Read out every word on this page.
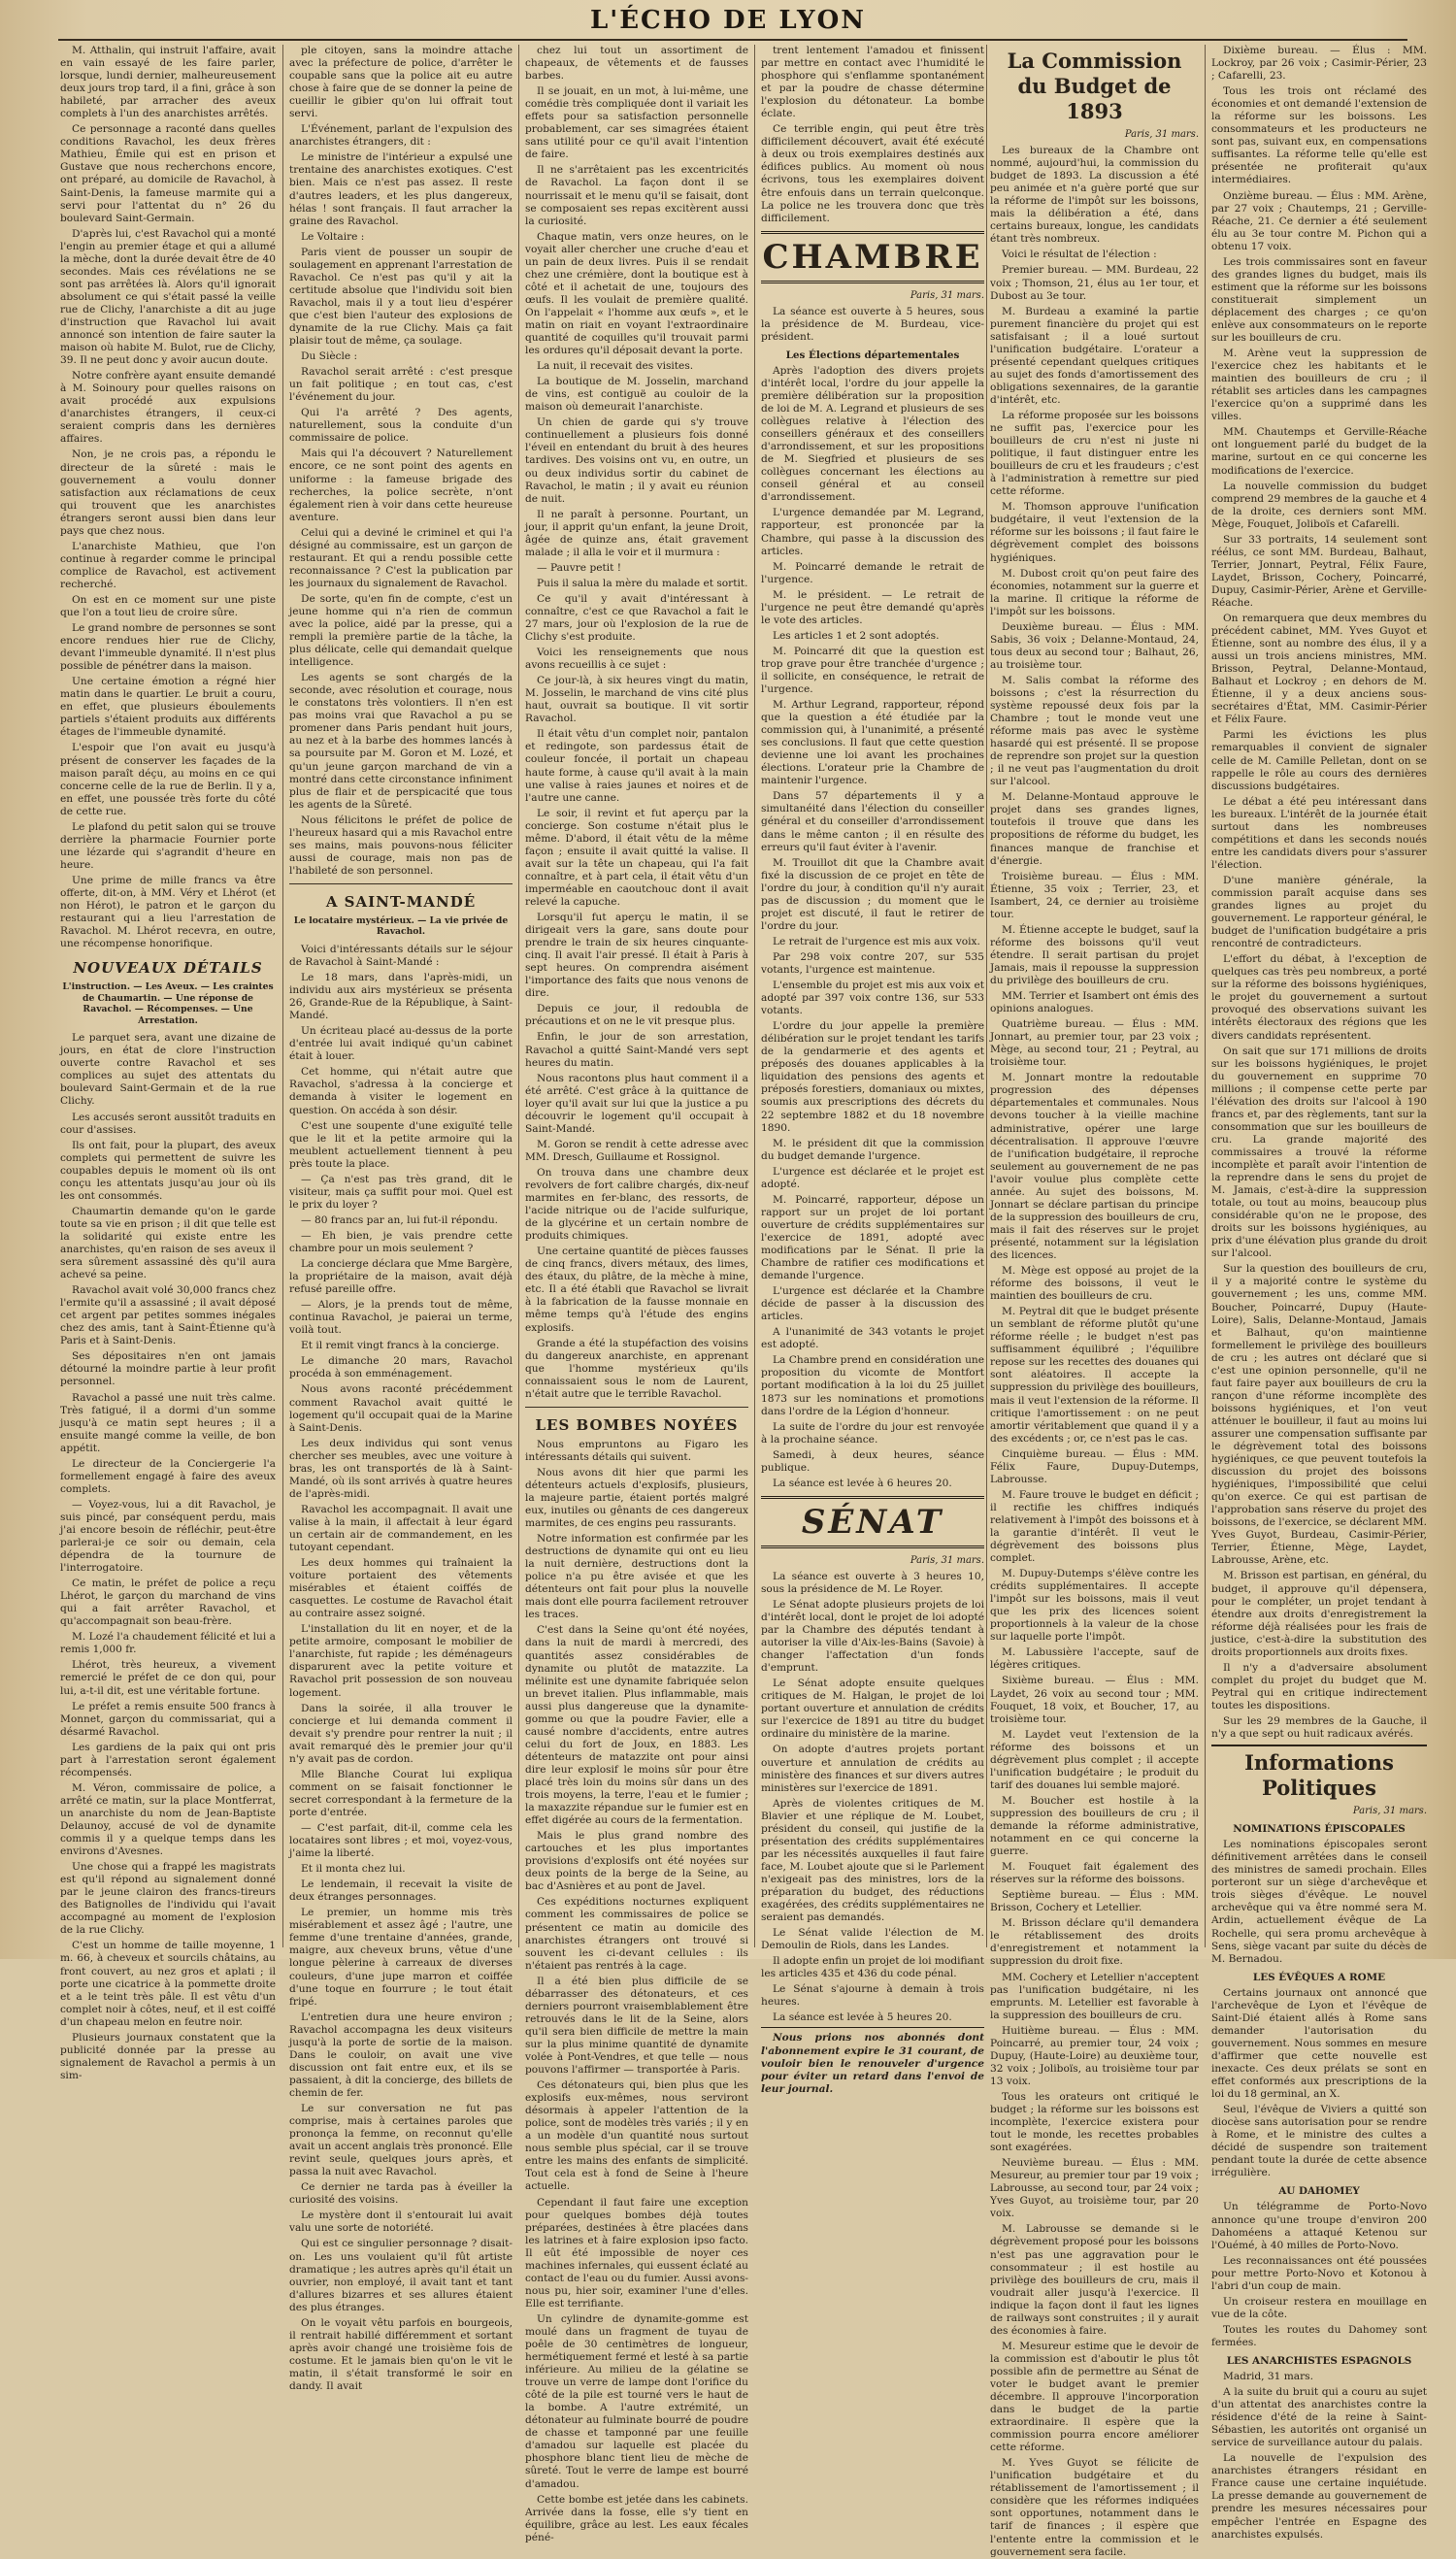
L'ÉCHO DE LYON

M. Atthalin, qui instruit l'affaire, avait en vain essayé de les faire parler, lorsque, lundi dernier, malheureusement deux jours trop tard, il a fini, grâce à son habileté, par arracher des aveux complets à l'un des anarchistes arrêtés.

Ce personnage a raconté dans quelles conditions Ravachol, les deux frères Mathieu, Émile qui est en prison et Gustave que nous recherchons encore, ont préparé, au domicile de Ravachol, à Saint-Denis, la fameuse marmite qui a servi pour l'attentat du n° 26 du boulevard Saint-Germain.

D'après lui, c'est Ravachol qui a monté l'engin au premier étage et qui a allumé la mèche, dont la durée devait être de 40 secondes. Mais ces révélations ne se sont pas arrêtées là. Alors qu'il ignorait absolument ce qui s'était passé la veille rue de Clichy, l'anarchiste a dit au juge d'instruction que Ravachol lui avait annoncé son intention de faire sauter la maison où habite M. Bulot, rue de Clichy, 39. Il ne peut donc y avoir aucun doute.

Notre confrère ayant ensuite demandé à M. Soinoury pour quelles raisons on avait procédé aux expulsions d'anarchistes étrangers, il ceux-ci seraient compris dans les dernières affaires.

Non, je ne crois pas, a répondu le directeur de la sûreté : mais le gouvernement a voulu donner satisfaction aux réclamations de ceux qui trouvent que les anarchistes étrangers seront aussi bien dans leur pays que chez nous.

L'anarchiste Mathieu, que l'on continue à regarder comme le principal complice de Ravachol, est activement recherché.

On est en ce moment sur une piste que l'on a tout lieu de croire sûre.

Le grand nombre de personnes se sont encore rendues hier rue de Clichy, devant l'immeuble dynamité. Il n'est plus possible de pénétrer dans la maison.

Une certaine émotion a régné hier matin dans le quartier. Le bruit a couru, en effet, que plusieurs éboulements partiels s'étaient produits aux différents étages de l'immeuble dynamité.

L'espoir que l'on avait eu jusqu'à présent de conserver les façades de la maison paraît déçu, au moins en ce qui concerne celle de la rue de Berlin. Il y a, en effet, une poussée très forte du côté de cette rue.

Le plafond du petit salon qui se trouve derrière la pharmacie Fournier porte une lézarde qui s'agrandit d'heure en heure.

Une prime de mille francs va être offerte, dit-on, à MM. Véry et Lhérot (et non Hérot), le patron et le garçon du restaurant qui a lieu l'arrestation de Ravachol. M. Lhérot recevra, en outre, une récompense honorifique.

NOUVEAUX DÉTAILS
L'instruction. — Les Aveux. — Les craintes de Chaumartin. — Une réponse de Ravachol. — Récompenses. — Une Arrestation.

Le parquet sera, avant une dizaine de jours, en état de clore l'instruction ouverte contre Ravachol et ses complices au sujet des attentats du boulevard Saint-Germain et de la rue Clichy.

Les accusés seront aussitôt traduits en cour d'assises.

Ils ont fait, pour la plupart, des aveux complets qui permettent de suivre les coupables depuis le moment où ils ont conçu les attentats jusqu'au jour où ils les ont consommés.

Chaumartin demande qu'on le garde toute sa vie en prison ; il dit que telle est la solidarité qui existe entre les anarchistes, qu'en raison de ses aveux il sera sûrement assassiné dès qu'il aura achevé sa peine.

Ravachol avait volé 30,000 francs chez l'ermite qu'il a assassiné ; il avait déposé cet argent par petites sommes inégales chez des amis, tant à Saint-Étienne qu'à Paris et à Saint-Denis.

Ses dépositaires n'en ont jamais détourné la moindre partie à leur profit personnel.

Ravachol a passé une nuit très calme. Très fatigué, il a dormi d'un somme jusqu'à ce matin sept heures ; il a ensuite mangé comme la veille, de bon appétit.

Le directeur de la Conciergerie l'a formellement engagé à faire des aveux complets.

— Voyez-vous, lui a dit Ravachol, je suis pincé, par conséquent perdu, mais j'ai encore besoin de réfléchir, peut-être parlerai-je ce soir ou demain, cela dépendra de la tournure de l'interrogatoire.

Ce matin, le préfet de police a reçu Lhérot, le garçon du marchand de vins qui a fait arrêter Ravachol, et qu'accompagnait son beau-frère.

M. Lozé l'a chaudement félicité et lui a remis 1,000 fr.

Lhérot, très heureux, a vivement remercié le préfet de ce don qui, pour lui, a-t-il dit, est une véritable fortune.

Le préfet a remis ensuite 500 francs à Monnet, garçon du commissariat, qui a désarmé Ravachol.

Les gardiens de la paix qui ont pris part à l'arrestation seront également récompensés.

M. Véron, commissaire de police, a arrêté ce matin, sur la place Montferrat, un anarchiste du nom de Jean-Baptiste Delaunoy, accusé de vol de dynamite commis il y a quelque temps dans les environs d'Avesnes.

Une chose qui a frappé les magistrats est qu'il répond au signalement donné par le jeune clairon des francs-tireurs des Batignolles de l'individu qui l'avait accompagné au moment de l'explosion de la rue Clichy.

C'est un homme de taille moyenne, 1 m. 66, à cheveux et sourcils châtains, au front couvert, au nez gros et aplati ; il porte une cicatrice à la pommette droite et a le teint très pâle. Il est vêtu d'un complet noir à côtes, neuf, et il est coiffé d'un chapeau melon en feutre noir.

Plusieurs journaux constatent que la publicité donnée par la presse au signalement de Ravachol a permis à un sim-

ple citoyen, sans la moindre attache avec la préfecture de police, d'arrêter le coupable sans que la police ait eu autre chose à faire que de se donner la peine de cueillir le gibier qu'on lui offrait tout servi.

L'Événement, parlant de l'expulsion des anarchistes étrangers, dit :

Le ministre de l'intérieur a expulsé une trentaine des anarchistes exotiques. C'est bien. Mais ce n'est pas assez. Il reste d'autres leaders, et les plus dangereux, hélas ! sont français. Il faut arracher la graine des Ravachol.

Le Voltaire :

Paris vient de pousser un soupir de soulagement en apprenant l'arrestation de Ravachol. Ce n'est pas qu'il y ait la certitude absolue que l'individu soit bien Ravachol, mais il y a tout lieu d'espérer que c'est bien l'auteur des explosions de dynamite de la rue Clichy. Mais ça fait plaisir tout de même, ça soulage.

Du Siècle :

Ravachol serait arrêté : c'est presque un fait politique ; en tout cas, c'est l'événement du jour.

Qui l'a arrêté ? Des agents, naturellement, sous la conduite d'un commissaire de police.

Mais qui l'a découvert ? Naturellement encore, ce ne sont point des agents en uniforme : la fameuse brigade des recherches, la police secrète, n'ont également rien à voir dans cette heureuse aventure.

Celui qui a deviné le criminel et qui l'a désigné au commissaire, est un garçon de restaurant. Et qui a rendu possible cette reconnaissance ? C'est la publication par les journaux du signalement de Ravachol.

De sorte, qu'en fin de compte, c'est un jeune homme qui n'a rien de commun avec la police, aidé par la presse, qui a rempli la première partie de la tâche, la plus délicate, celle qui demandait quelque intelligence.

Les agents se sont chargés de la seconde, avec résolution et courage, nous le constatons très volontiers. Il n'en est pas moins vrai que Ravachol a pu se promener dans Paris pendant huit jours, au nez et à la barbe des hommes lancés à sa poursuite par M. Goron et M. Lozé, et qu'un jeune garçon marchand de vin a montré dans cette circonstance infiniment plus de flair et de perspicacité que tous les agents de la Sûreté.

Nous félicitons le préfet de police de l'heureux hasard qui a mis Ravachol entre ses mains, mais pouvons-nous féliciter aussi de courage, mais non pas de l'habileté de son personnel.

A SAINT-MANDÉ
Le locataire mystérieux. — La vie privée de Ravachol.

Voici d'intéressants détails sur le séjour de Ravachol à Saint-Mandé :

Le 18 mars, dans l'après-midi, un individu aux airs mystérieux se présenta 26, Grande-Rue de la République, à Saint-Mandé.

Un écriteau placé au-dessus de la porte d'entrée lui avait indiqué qu'un cabinet était à louer.

Cet homme, qui n'était autre que Ravachol, s'adressa à la concierge et demanda à visiter le logement en question. On accéda à son désir.

C'est une soupente d'une exiguïté telle que le lit et la petite armoire qui la meublent actuellement tiennent à peu près toute la place.

— Ça n'est pas très grand, dit le visiteur, mais ça suffit pour moi. Quel est le prix du loyer ?

— 80 francs par an, lui fut-il répondu.

— Eh bien, je vais prendre cette chambre pour un mois seulement ?

La concierge déclara que Mme Bargère, la propriétaire de la maison, avait déjà refusé pareille offre.

— Alors, je la prends tout de même, continua Ravachol, je paierai un terme, voilà tout.

Et il remit vingt francs à la concierge.

Le dimanche 20 mars, Ravachol procéda à son emménagement.

Nous avons raconté précédemment comment Ravachol avait quitté le logement qu'il occupait quai de la Marine à Saint-Denis.

Les deux individus qui sont venus chercher ses meubles, avec une voiture à bras, les ont transportés de là à Saint-Mandé, où ils sont arrivés à quatre heures de l'après-midi.

Ravachol les accompagnait. Il avait une valise à la main, il affectait à leur égard un certain air de commandement, en les tutoyant cependant.

Les deux hommes qui traînaient la voiture portaient des vêtements misérables et étaient coiffés de casquettes. Le costume de Ravachol était au contraire assez soigné.

L'installation du lit en noyer, et de la petite armoire, composant le mobilier de l'anarchiste, fut rapide ; les déménageurs disparurent avec la petite voiture et Ravachol prit possession de son nouveau logement.

Dans la soirée, il alla trouver le concierge et lui demanda comment il devait s'y prendre pour rentrer la nuit ; il avait remarqué dès le premier jour qu'il n'y avait pas de cordon.

Mlle Blanche Courat lui expliqua comment on se faisait fonctionner le secret correspondant à la fermeture de la porte d'entrée.

— C'est parfait, dit-il, comme cela les locataires sont libres ; et moi, voyez-vous, j'aime la liberté.

Et il monta chez lui.

Le lendemain, il recevait la visite de deux étranges personnages.

Le premier, un homme mis très misérablement et assez âgé ; l'autre, une femme d'une trentaine d'années, grande, maigre, aux cheveux bruns, vêtue d'une longue pèlerine à carreaux de diverses couleurs, d'une jupe marron et coiffée d'une toque en fourrure ; le tout était fripé.

L'entretien dura une heure environ ; Ravachol accompagna les deux visiteurs jusqu'à la porte de sortie de la maison. Dans le couloir, on avait une vive discussion ont fait entre eux, et ils se passaient, à dit la concierge, des billets de chemin de fer.

Le sur conversation ne fut pas comprise, mais à certaines paroles que prononça la femme, on reconnut qu'elle avait un accent anglais très prononcé. Elle revint seule, quelques jours après, et passa la nuit avec Ravachol.

Ce dernier ne tarda pas à éveiller la curiosité des voisins.

Le mystère dont il s'entourait lui avait valu une sorte de notoriété.

Qui est ce singulier personnage ? disait-on. Les uns voulaient qu'il fût artiste dramatique ; les autres après qu'il était un ouvrier, non employé, il avait tant et tant d'allures bizarres et ses allures étaient des plus étranges.

On le voyait vêtu parfois en bourgeois, il rentrait habillé différemment et sortant après avoir changé une troisième fois de costume. Et le jamais bien qu'on le vit le matin, il s'était transformé le soir en dandy. Il avait

chez lui tout un assortiment de chapeaux, de vêtements et de fausses barbes.

Il se jouait, en un mot, à lui-même, une comédie très compliquée dont il variait les effets pour sa satisfaction personnelle probablement, car ses simagrées étaient sans utilité pour ce qu'il avait l'intention de faire.

Il ne s'arrêtaient pas les excentricités de Ravachol. La façon dont il se nourrissait et le menu qu'il se faisait, dont se composaient ses repas excitèrent aussi la curiosité.

Chaque matin, vers onze heures, on le voyait aller chercher une cruche d'eau et un pain de deux livres. Puis il se rendait chez une crémière, dont la boutique est à côté et il achetait de une, toujours des œufs. Il les voulait de première qualité. On l'appelait « l'homme aux œufs », et le matin on riait en voyant l'extraordinaire quantité de coquilles qu'il trouvait parmi les ordures qu'il déposait devant la porte.

La nuit, il recevait des visites.

La boutique de M. Josselin, marchand de vins, est contiguë au couloir de la maison où demeurait l'anarchiste.

Un chien de garde qui s'y trouve continuellement a plusieurs fois donné l'éveil en entendant du bruit à des heures tardives. Des voisins ont vu, en outre, un ou deux individus sortir du cabinet de Ravachol, le matin ; il y avait eu réunion de nuit.

Il ne paraît à personne. Pourtant, un jour, il apprit qu'un enfant, la jeune Droit, âgée de quinze ans, était gravement malade ; il alla le voir et il murmura :

— Pauvre petit !

Puis il salua la mère du malade et sortit.

Ce qu'il y avait d'intéressant à connaître, c'est ce que Ravachol a fait le 27 mars, jour où l'explosion de la rue de Clichy s'est produite.

Voici les renseignements que nous avons recueillis à ce sujet :

Ce jour-là, à six heures vingt du matin, M. Josselin, le marchand de vins cité plus haut, ouvrait sa boutique. Il vit sortir Ravachol.

Il était vêtu d'un complet noir, pantalon et redingote, son pardessus était de couleur foncée, il portait un chapeau haute forme, à cause qu'il avait à la main une valise à raies jaunes et noires et de l'autre une canne.

Le soir, il revint et fut aperçu par la concierge. Son costume n'était plus le même. D'abord, il était vêtu de la même façon ; ensuite il avait quitté la valise. Il avait sur la tête un chapeau, qui l'a fait connaître, et à part cela, il était vêtu d'un imperméable en caoutchouc dont il avait relevé la capuche.

Lorsqu'il fut aperçu le matin, il se dirigeait vers la gare, sans doute pour prendre le train de six heures cinquante-cinq. Il avait l'air pressé. Il était à Paris à sept heures. On comprendra aisément l'importance des faits que nous venons de dire.

Depuis ce jour, il redoubla de précautions et on ne le vit presque plus.

Enfin, le jour de son arrestation, Ravachol a quitté Saint-Mandé vers sept heures du matin.

Nous racontons plus haut comment il a été arrêté. C'est grâce à la quittance de loyer qu'il avait sur lui que la justice a pu découvrir le logement qu'il occupait à Saint-Mandé.

M. Goron se rendit à cette adresse avec MM. Dresch, Guillaume et Rossignol.

On trouva dans une chambre deux revolvers de fort calibre chargés, dix-neuf marmites en fer-blanc, des ressorts, de l'acide nitrique ou de l'acide sulfurique, de la glycérine et un certain nombre de produits chimiques.

Une certaine quantité de pièces fausses de cinq francs, divers métaux, des limes, des étaux, du plâtre, de la mèche à mine, etc. Il a été établi que Ravachol se livrait à la fabrication de la fausse monnaie en même temps qu'à l'étude des engins explosifs.

Grande a été la stupéfaction des voisins du dangereux anarchiste, en apprenant que l'homme mystérieux qu'ils connaissaient sous le nom de Laurent, n'était autre que le terrible Ravachol.

LES BOMBES NOYÉES

Nous empruntons au Figaro les intéressants détails qui suivent.

Nous avons dit hier que parmi les détenteurs actuels d'explosifs, plusieurs, la majeure partie, étaient portés malgré eux, inutiles ou gênants de ces dangereux marmites, de ces engins peu rassurants.

Notre information est confirmée par les destructions de dynamite qui ont eu lieu la nuit dernière, destructions dont la police n'a pu être avisée et que les détenteurs ont fait pour plus la nouvelle mais dont elle pourra facilement retrouver les traces.

C'est dans la Seine qu'ont été noyées, dans la nuit de mardi à mercredi, des quantités assez considérables de dynamite ou plutôt de matazzite. La mélinite est une dynamite fabriquée selon un brevet italien. Plus inflammable, mais aussi plus dangereuse que la dynamite-gomme ou que la poudre Favier, elle a causé nombre d'accidents, entre autres celui du fort de Joux, en 1883. Les détenteurs de matazzite ont pour ainsi dire leur explosif le moins sûr pour être placé très loin du moins sûr dans un des trois moyens, la terre, l'eau et le fumier ; la maxazzite répandue sur le fumier est en effet digérée au cours de la fermentation.

Mais le plus grand nombre des cartouches et les plus importantes provisions d'explosifs ont été noyées sur deux points de la berge de la Seine, au bac d'Asnières et au pont de Javel.

Ces expéditions nocturnes expliquent comment les commissaires de police se présentent ce matin au domicile des anarchistes étrangers ont trouvé si souvent les ci-devant cellules : ils n'étaient pas rentrés à la cage.

Il a été bien plus difficile de se débarrasser des détonateurs, et ces derniers pourront vraisemblablement être retrouvés dans le lit de la Seine, alors qu'il sera bien difficile de mettre la main sur la plus minime quantité de dynamite volée à Pont-Vendres, et que telle — nous pouvons l'affirmer — transportée à Paris.

Ces détonateurs qui, bien plus que les explosifs eux-mêmes, nous serviront désormais à appeler l'attention de la police, sont de modèles très variés ; il y en a un modèle d'un quantité nous surtout nous semble plus spécial, car il se trouve entre les mains des enfants de simplicité. Tout cela est à fond de Seine à l'heure actuelle.

Cependant il faut faire une exception pour quelques bombes déjà toutes préparées, destinées à être placées dans les latrines et à faire explosion ipso facto. Il eût été impossible de noyer ces machines infernales, qui eussent éclaté au contact de l'eau ou du fumier. Aussi avons-nous pu, hier soir, examiner l'une d'elles. Elle est terrifiante.

Un cylindre de dynamite-gomme est moulé dans un fragment de tuyau de poêle de 30 centimètres de longueur, hermétiquement fermé et lesté à sa partie inférieure. Au milieu de la gélatine se trouve un verre de lampe dont l'orifice du côté de la pile est tourné vers le haut de la bombe. A l'autre extrémité, un détonateur au fulminate bourré de poudre de chasse et tamponné par une feuille d'amadou sur laquelle est placée du phosphore blanc tient lieu de mèche de sûreté. Tout le verre de lampe est bourré d'amadou.

Cette bombe est jetée dans les cabinets. Arrivée dans la fosse, elle s'y tient en équilibre, grâce au lest. Les eaux fécales péné-

trent lentement l'amadou et finissent par mettre en contact avec l'humidité le phosphore qui s'enflamme spontanément et par la poudre de chasse détermine l'explosion du détonateur. La bombe éclate.

Ce terrible engin, qui peut être très difficilement découvert, avait été exécuté à deux ou trois exemplaires destinés aux édifices publics. Au moment où nous écrivons, tous les exemplaires doivent être enfouis dans un terrain quelconque. La police ne les trouvera donc que très difficilement.

CHAMBRE
Paris, 31 mars.

La séance est ouverte à 5 heures, sous la présidence de M. Burdeau, vice-président.

Les Élections départementales

Après l'adoption des divers projets d'intérêt local, l'ordre du jour appelle la première délibération sur la proposition de loi de M. A. Legrand et plusieurs de ses collègues relative à l'élection des conseillers généraux et des conseillers d'arrondissement, et sur les propositions de M. Siegfried et plusieurs de ses collègues concernant les élections au conseil général et au conseil d'arrondissement.

L'urgence demandée par M. Legrand, rapporteur, est prononcée par la Chambre, qui passe à la discussion des articles.

M. Poincarré demande le retrait de l'urgence.

M. le président. — Le retrait de l'urgence ne peut être demandé qu'après le vote des articles.

Les articles 1 et 2 sont adoptés.

M. Poincarré dit que la question est trop grave pour être tranchée d'urgence ; il sollicite, en conséquence, le retrait de l'urgence.

M. Arthur Legrand, rapporteur, répond que la question a été étudiée par la commission qui, à l'unanimité, a présenté ses conclusions. Il faut que cette question devienne une loi avant les prochaines élections. L'orateur prie la Chambre de maintenir l'urgence.

Dans 57 départements il y a simultanéité dans l'élection du conseiller général et du conseiller d'arrondissement dans le même canton ; il en résulte des erreurs qu'il faut éviter à l'avenir.

M. Trouillot dit que la Chambre avait fixé la discussion de ce projet en tête de l'ordre du jour, à condition qu'il n'y aurait pas de discussion ; du moment que le projet est discuté, il faut le retirer de l'ordre du jour.

Le retrait de l'urgence est mis aux voix.

Par 298 voix contre 207, sur 535 votants, l'urgence est maintenue.

L'ensemble du projet est mis aux voix et adopté par 397 voix contre 136, sur 533 votants.

L'ordre du jour appelle la première délibération sur le projet tendant les tarifs de la gendarmerie et des agents et préposés des douanes applicables à la liquidation des pensions des agents et préposés forestiers, domaniaux ou mixtes, soumis aux prescriptions des décrets du 22 septembre 1882 et du 18 novembre 1890.

M. le président dit que la commission du budget demande l'urgence.

L'urgence est déclarée et le projet est adopté.

M. Poincarré, rapporteur, dépose un rapport sur un projet de loi portant ouverture de crédits supplémentaires sur l'exercice de 1891, adopté avec modifications par le Sénat. Il prie la Chambre de ratifier ces modifications et demande l'urgence.

L'urgence est déclarée et la Chambre décide de passer à la discussion des articles.

A l'unanimité de 343 votants le projet est adopté.

La Chambre prend en considération une proposition du vicomte de Montfort portant modification à la loi du 25 juillet 1873 sur les nominations et promotions dans l'ordre de la Légion d'honneur.

La suite de l'ordre du jour est renvoyée à la prochaine séance.

Samedi, à deux heures, séance publique.

La séance est levée à 6 heures 20.

SÉNAT
Paris, 31 mars.

La séance est ouverte à 3 heures 10, sous la présidence de M. Le Royer.

Le Sénat adopte plusieurs projets de loi d'intérêt local, dont le projet de loi adopté par la Chambre des députés tendant à autoriser la ville d'Aix-les-Bains (Savoie) à changer l'affectation d'un fonds d'emprunt.

Le Sénat adopte ensuite quelques critiques de M. Halgan, le projet de loi portant ouverture et annulation de crédits sur l'exercice de 1891 au titre du budget ordinaire du ministère de la marine.

On adopte d'autres projets portant ouverture et annulation de crédits au ministère des finances et sur divers autres ministères sur l'exercice de 1891.

Après de violentes critiques de M. Blavier et une réplique de M. Loubet, président du conseil, qui justifie de la présentation des crédits supplémentaires par les nécessités auxquelles il faut faire face, M. Loubet ajoute que si le Parlement n'exigeait pas des ministres, lors de la préparation du budget, des réductions exagérées, des crédits supplémentaires ne seraient pas demandés.

Le Sénat valide l'élection de M. Demoulin de Riols, dans les Landes.

Il adopte enfin un projet de loi modifiant les articles 435 et 436 du code pénal.

Le Sénat s'ajourne à demain à trois heures.

La séance est levée à 5 heures 20.

Nous prions nos abonnés dont l'abonnement expire le 31 courant, de vouloir bien le renouveler d'urgence pour éviter un retard dans l'envoi de leur journal.

La Commission du Budget de 1893
Paris, 31 mars.

Les bureaux de la Chambre ont nommé, aujourd'hui, la commission du budget de 1893. La discussion a été peu animée et n'a guère porté que sur la réforme de l'impôt sur les boissons, mais la délibération a été, dans certains bureaux, longue, les candidats étant très nombreux.

Voici le résultat de l'élection :

Premier bureau. — MM. Burdeau, 22 voix ; Thomson, 21, élus au 1er tour, et Dubost au 3e tour.

M. Burdeau a examiné la partie purement financière du projet qui est satisfaisant ; il a loué surtout l'unification budgétaire. L'orateur a présenté cependant quelques critiques au sujet des fonds d'amortissement des obligations sexennaires, de la garantie d'intérêt, etc.

La réforme proposée sur les boissons ne suffit pas, l'exercice pour les bouilleurs de cru n'est ni juste ni politique, il faut distinguer entre les bouilleurs de cru et les fraudeurs ; c'est à l'administration à remettre sur pied cette réforme.

M. Thomson approuve l'unification budgétaire, il veut l'extension de la réforme sur les boissons ; il faut faire le dégrèvement complet des boissons hygiéniques.

M. Dubost croit qu'on peut faire des économies, notamment sur la guerre et la marine. Il critique la réforme de l'impôt sur les boissons.

Deuxième bureau. — Élus : MM. Sabis, 36 voix ; Delanne-Montaud, 24, tous deux au second tour ; Balhaut, 26, au troisième tour.

M. Salis combat la réforme des boissons ; c'est la résurrection du système repoussé deux fois par la Chambre ; tout le monde veut une réforme mais pas avec le système hasardé qui est présenté. Il se propose de reprendre son projet sur la question ; il ne veut pas l'augmentation du droit sur l'alcool.

M. Delanne-Montaud approuve le projet dans ses grandes lignes, toutefois il trouve que dans les propositions de réforme du budget, les finances manque de franchise et d'énergie.

Troisième bureau. — Élus : MM. Étienne, 35 voix ; Terrier, 23, et Isambert, 24, ce dernier au troisième tour.

M. Étienne accepte le budget, sauf la réforme des boissons qu'il veut étendre. Il serait partisan du projet Jamais, mais il repousse la suppression du privilège des bouilleurs de cru.

MM. Terrier et Isambert ont émis des opinions analogues.

Quatrième bureau. — Élus : MM. Jonnart, au premier tour, par 23 voix ; Mège, au second tour, 21 ; Peytral, au troisième tour.

M. Jonnart montre la redoutable progression des dépenses départementales et communales. Nous devons toucher à la vieille machine administrative, opérer une large décentralisation. Il approuve l'œuvre de l'unification budgétaire, il reproche seulement au gouvernement de ne pas l'avoir voulue plus complète cette année. Au sujet des boissons, M. Jonnart se déclare partisan du principe de la suppression des bouilleurs de cru, mais il fait des réserves sur le projet présenté, notamment sur la législation des licences.

M. Mège est opposé au projet de la réforme des boissons, il veut le maintien des bouilleurs de cru.

M. Peytral dit que le budget présente un semblant de réforme plutôt qu'une réforme réelle ; le budget n'est pas suffisamment équilibré ; l'équilibre repose sur les recettes des douanes qui sont aléatoires. Il accepte la suppression du privilège des bouilleurs, mais il veut l'extension de la réforme. Il critique l'amortissement : on ne peut amortir véritablement que quand il y a des excédents ; or, ce n'est pas le cas.

Cinquième bureau. — Élus : MM. Félix Faure, Dupuy-Dutemps, Labrousse.

M. Faure trouve le budget en déficit ; il rectifie les chiffres indiqués relativement à l'impôt des boissons et à la garantie d'intérêt. Il veut le dégrèvement des boissons plus complet.

M. Dupuy-Dutemps s'élève contre les crédits supplémentaires. Il accepte l'impôt sur les boissons, mais il veut que les prix des licences soient proportionnels à la valeur de la chose sur laquelle porte l'impôt.

M. Labussière l'accepte, sauf de légères critiques.

Sixième bureau. — Élus : MM. Laydet, 26 voix au second tour ; MM. Fouquet, 18 voix, et Boucher, 17, au troisième tour.

M. Laydet veut l'extension de la réforme des boissons et un dégrèvement plus complet ; il accepte l'unification budgétaire ; le produit du tarif des douanes lui semble majoré.

M. Boucher est hostile à la suppression des bouilleurs de cru ; il demande la réforme administrative, notamment en ce qui concerne la guerre.

M. Fouquet fait également des réserves sur la réforme des boissons.

Septième bureau. — Élus : MM. Brisson, Cochery et Letellier.

M. Brisson déclare qu'il demandera le rétablissement des droits d'enregistrement et notamment la suppression du droit fixe.

MM. Cochery et Letellier n'acceptent pas l'unification budgétaire, ni les emprunts. M. Letellier est favorable à la suppression des bouilleurs de cru.

Huitième bureau. — Élus : MM. Poincarré, au premier tour, 24 voix ; Dupuy, (Haute-Loire) au deuxième tour, 32 voix ; Joliboïs, au troisième tour par 13 voix.

Tous les orateurs ont critiqué le budget ; la réforme sur les boissons est incomplète, l'exercice existera pour tout le monde, les recettes probables sont exagérées.

Neuvième bureau. — Élus : MM. Mesureur, au premier tour par 19 voix ; Labrousse, au second tour, par 24 voix ; Yves Guyot, au troisième tour, par 20 voix.

M. Labrousse se demande si le dégrèvement proposé pour les boissons n'est pas une aggravation pour le consommateur ; il est hostile au privilège des bouilleurs de cru, mais il voudrait aller jusqu'à l'exercice. Il indique la façon dont il faut les lignes de railways sont construites ; il y aurait des économies à faire.

M. Mesureur estime que le devoir de la commission est d'aboutir le plus tôt possible afin de permettre au Sénat de voter le budget avant le premier décembre. Il approuve l'incorporation dans le budget de la partie extraordinaire. Il espère que la commission pourra encore améliorer cette réforme.

M. Yves Guyot se félicite de l'unification budgétaire et du rétablissement de l'amortissement ; il considère que les réformes indiquées sont opportunes, notamment dans le tarif de finances ; il espère que l'entente entre la commission et le gouvernement sera facile.

Dixième bureau. — Élus : MM. Lockroy, par 26 voix ; Casimir-Périer, 23 ; Cafarelli, 23.

Tous les trois ont réclamé des économies et ont demandé l'extension de la réforme sur les boissons. Les consommateurs et les producteurs ne sont pas, suivant eux, en compensations suffisantes. La réforme telle qu'elle est présentée ne profiterait qu'aux intermédiaires.

Onzième bureau. — Élus : MM. Arène, par 27 voix ; Chautemps, 21 ; Gerville-Réache, 21. Ce dernier a été seulement élu au 3e tour contre M. Pichon qui a obtenu 17 voix.

Les trois commissaires sont en faveur des grandes lignes du budget, mais ils estiment que la réforme sur les boissons constituerait simplement un déplacement des charges ; ce qu'on enlève aux consommateurs on le reporte sur les bouilleurs de cru.

M. Arène veut la suppression de l'exercice chez les habitants et le maintien des bouilleurs de cru ; il rétablit ses articles dans les campagnes l'exercice qu'on a supprimé dans les villes.

MM. Chautemps et Gerville-Réache ont longuement parlé du budget de la marine, surtout en ce qui concerne les modifications de l'exercice.

La nouvelle commission du budget comprend 29 membres de la gauche et 4 de la droite, ces derniers sont MM. Mège, Fouquet, Joliboïs et Cafarelli.

Sur 33 portraits, 14 seulement sont réélus, ce sont MM. Burdeau, Balhaut, Terrier, Jonnart, Peytral, Félix Faure, Laydet, Brisson, Cochery, Poincarré, Dupuy, Casimir-Périer, Arène et Gerville-Réache.

On remarquera que deux membres du précédent cabinet, MM. Yves Guyot et Étienne, sont au nombre des élus, il y a aussi un trois anciens ministres, MM. Brisson, Peytral, Delanne-Montaud, Balhaut et Lockroy ; en dehors de M. Étienne, il y a deux anciens sous-secrétaires d'État, MM. Casimir-Périer et Félix Faure.

Parmi les évictions les plus remarquables il convient de signaler celle de M. Camille Pelletan, dont on se rappelle le rôle au cours des dernières discussions budgétaires.

Le débat a été peu intéressant dans les bureaux. L'intérêt de la journée était surtout dans les nombreuses compétitions et dans les seconds noués entre les candidats divers pour s'assurer l'élection.

D'une manière générale, la commission paraît acquise dans ses grandes lignes au projet du gouvernement. Le rapporteur général, le budget de l'unification budgétaire a pris rencontré de contradicteurs.

L'effort du débat, à l'exception de quelques cas très peu nombreux, a porté sur la réforme des boissons hygiéniques, le projet du gouvernement a surtout provoqué des observations suivant les intérêts électoraux des régions que les divers candidats représentent.

On sait que sur 171 millions de droits sur les boissons hygiéniques, le projet du gouvernement en supprime 70 millions ; il compense cette perte par l'élévation des droits sur l'alcool à 190 francs et, par des règlements, tant sur la consommation que sur les bouilleurs de cru. La grande majorité des commissaires a trouvé la réforme incomplète et paraît avoir l'intention de la reprendre dans le sens du projet de M. Jamais, c'est-à-dire la suppression totale, ou tout au moins, beaucoup plus considérable qu'on ne le propose, des droits sur les boissons hygiéniques, au prix d'une élévation plus grande du droit sur l'alcool.

Sur la question des bouilleurs de cru, il y a majorité contre le système du gouvernement ; les uns, comme MM. Boucher, Poincarré, Dupuy (Haute-Loire), Salis, Delanne-Montaud, Jamais et Balhaut, qu'on maintienne formellement le privilège des bouilleurs de cru ; les autres ont déclaré que si c'est une opinion personnelle, qu'il ne faut faire payer aux bouilleurs de cru la rançon d'une réforme incomplète des boissons hygiéniques, et l'on veut atténuer le bouilleur, il faut au moins lui assurer une compensation suffisante par le dégrèvement total des boissons hygiéniques, ce que peuvent toutefois la discussion du projet des boissons hygiéniques, l'impossibilité que celui qu'on exerce. Ce qui est partisan de l'approbation sans réserve du projet des boissons, de l'exercice, se déclarent MM. Yves Guyot, Burdeau, Casimir-Périer, Terrier, Étienne, Mège, Laydet, Labrousse, Arène, etc.

M. Brisson est partisan, en général, du budget, il approuve qu'il dépensera, pour le compléter, un projet tendant à étendre aux droits d'enregistrement la réforme déjà réalisées pour les frais de justice, c'est-à-dire la substitution des droits proportionnels aux droits fixes.

Il n'y a d'adversaire absolument complet du projet du budget que M. Peytral qui en critique indirectement toutes les dispositions.

Sur les 29 membres de la Gauche, il n'y a que sept ou huit radicaux avérés.

Informations Politiques
Paris, 31 mars.
NOMINATIONS ÉPISCOPALES

Les nominations épiscopales seront définitivement arrêtées dans le conseil des ministres de samedi prochain. Elles porteront sur un siège d'archevêque et trois sièges d'évêque. Le nouvel archevêque qui va être nommé sera M. Ardin, actuellement évêque de La Rochelle, qui sera promu archevêque à Sens, siège vacant par suite du décès de M. Bernadou.

LES ÉVÊQUES A ROME

Certains journaux ont annoncé que l'archevêque de Lyon et l'évêque de Saint-Dié étaient allés à Rome sans demander l'autorisation du gouvernement. Nous sommes en mesure d'affirmer que cette nouvelle est inexacte. Ces deux prélats se sont en effet conformés aux prescriptions de la loi du 18 germinal, an X.

Seul, l'évêque de Viviers a quitté son diocèse sans autorisation pour se rendre à Rome, et le ministre des cultes a décidé de suspendre son traitement pendant toute la durée de cette absence irrégulière.

AU DAHOMEY

Un télégramme de Porto-Novo annonce qu'une troupe d'environ 200 Dahoméens a attaqué Ketenou sur l'Ouémé, à 40 milles de Porto-Novo.

Les reconnaissances ont été poussées pour mettre Porto-Novo et Kotonou à l'abri d'un coup de main.

Un croiseur restera en mouillage en vue de la côte.

Toutes les routes du Dahomey sont fermées.

LES ANARCHISTES ESPAGNOLS

Madrid, 31 mars.

A la suite du bruit qui a couru au sujet d'un attentat des anarchistes contre la résidence d'été de la reine à Saint-Sébastien, les autorités ont organisé un service de surveillance autour du palais.

La nouvelle de l'expulsion des anarchistes étrangers résidant en France cause une certaine inquiétude. La presse demande au gouvernement de prendre les mesures nécessaires pour empêcher l'entrée en Espagne des anarchistes expulsés.
